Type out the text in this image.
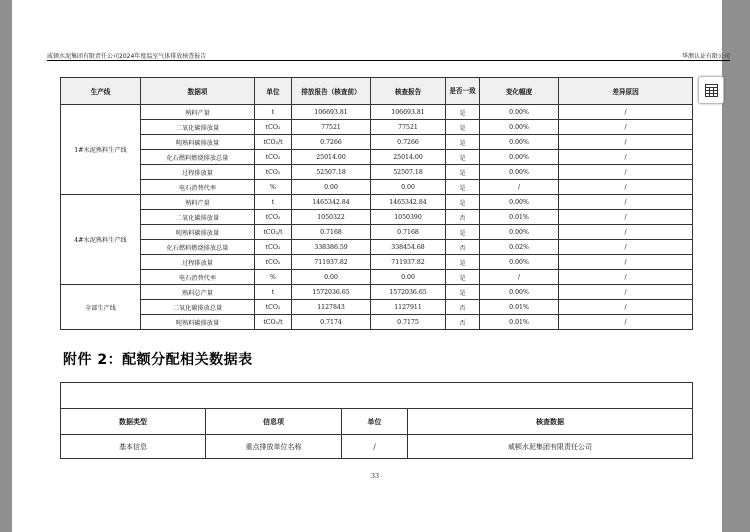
威顿水泥集团有限责任公司2024年度温室气体排放核查报告	华测认证有限公司
生产线	数据项	单位	排放报告（核查前）	核查报告	是否一致	变化幅度	差异原因
1#水泥熟料生产线	熟料产量	t	106693.81	106693.81	是	0.00%	/
	二氧化碳排放量	tCO₂	77521	77521	是	0.00%	/
	吨熟料碳排放量	tCO₂/t	0.7266	0.7266	是	0.00%	/
	化石燃料燃烧排放总量	tCO₂	25014.00	25014.00	是	0.00%	/
	过程排放量	tCO₂	52507.18	52507.18	是	0.00%	/
	电石渣替代率	%	0.00	0.00	是	/	/
4#水泥熟料生产线	熟料产量	t	1465342.84	1465342.84	是	0.00%	/
	二氧化碳排放量	tCO₂	1050322	1050390	否	0.01%	/
	吨熟料碳排放量	tCO₂/t	0.7168	0.7168	是	0.00%	/
	化石燃料燃烧排放总量	tCO₂	338386.59	338454.68	否	0.02%	/
	过程排放量	tCO₂	711937.82	711937.82	是	0.00%	/
	电石渣替代率	%	0.00	0.00	是	/	/
全部生产线	熟料总产量	t	1572036.65	1572036.65	是	0.00%	/
	二氧化碳排放总量	tCO₂	1127843	1127911	否	0.01%	/
	吨熟料碳排放量	tCO₂/t	0.7174	0.7175	否	0.01%	/
附件 2：配额分配相关数据表

数据类型	信息项	单位	核查数据
基本信息	重点排放单位名称	/	威顿水泥集团有限责任公司
33
